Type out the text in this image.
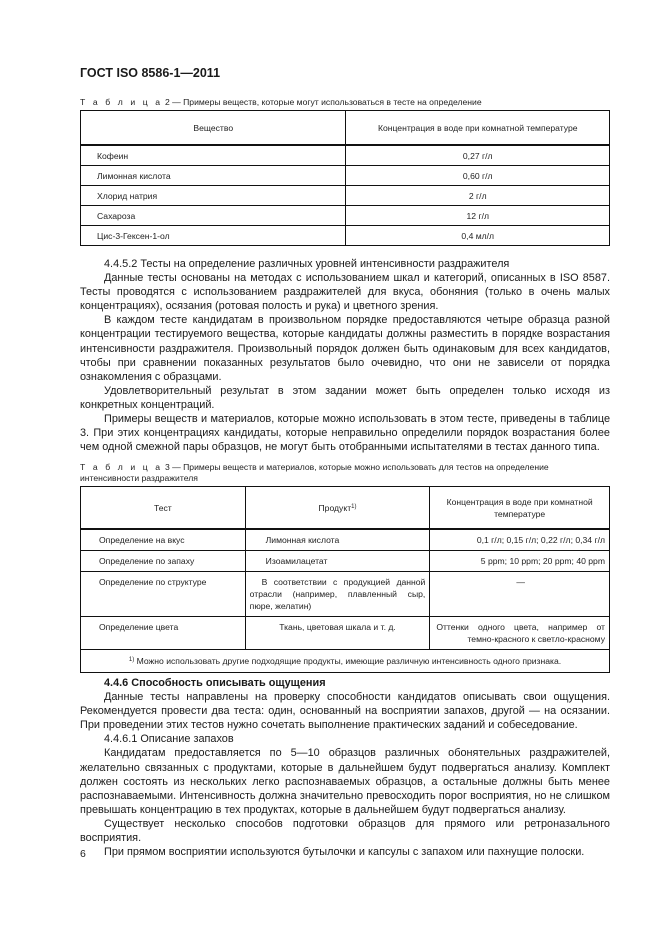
ГОСТ ISO 8586-1—2011
Т а б л и ц а 2 — Примеры веществ, которые могут использоваться в тесте на определение
Вещество	Концентрация в воде при комнатной температуре
Кофеин	0,27 г/л
Лимонная кислота	0,60 г/л
Хлорид натрия	2 г/л
Сахароза	12 г/л
Цис-3-Гексен-1-ол	0,4 мл/л

4.4.5.2 Тесты на определение различных уровней интенсивности раздражителя

Данные тесты основаны на методах с использованием шкал и категорий, описанных в ISO 8587. Тесты проводятся с использованием раздражителей для вкуса, обоняния (только в очень малых концентрациях), осязания (ротовая полость и рука) и цветного зрения.

В каждом тесте кандидатам в произвольном порядке предоставляются четыре образца разной концентрации тестируемого вещества, которые кандидаты должны разместить в порядке возрастания интенсивности раздражителя. Произвольный порядок должен быть одинаковым для всех кандидатов, чтобы при сравнении показанных результатов было очевидно, что они не зависели от порядка ознакомления с образцами.

Удовлетворительный результат в этом задании может быть определен только исходя из конкретных концентраций.

Примеры веществ и материалов, которые можно использовать в этом тесте, приведены в таблице 3. При этих концентрациях кандидаты, которые неправильно определили порядок возрастания более чем одной смежной пары образцов, не могут быть отобранными испытателями в тестах данного типа.

Т а б л и ц а 3 — Примеры веществ и материалов, которые можно использовать для тестов на определение интенсивности раздражителя
Тест	Продукт$^{1)}$	Концентрация в воде при комнатной температуре
Определение на вкус	Лимонная кислота	0,1 г/л; 0,15 г/л; 0,22 г/л; 0,34 г/л
Определение по запаху	Изоамилацетат	5 ppm; 10 ppm; 20 ppm; 40 ppm
Определение по структуре	В соответствии с продукцией данной отрасли (например, плавленный сыр, пюре, желатин)	—
Определение цвета	Ткань, цветовая шкала и т. д.	Оттенки одного цвета, например от темно-красного к светло-красному
$^{1)}$ Можно использовать другие подходящие продукты, имеющие различную интенсивность одного признака.		

4.4.6 Способность описывать ощущения

Данные тесты направлены на проверку способности кандидатов описывать свои ощущения. Рекомендуется провести два теста: один, основанный на восприятии запахов, другой — на осязании. При проведении этих тестов нужно сочетать выполнение практических заданий и собеседование.

4.4.6.1 Описание запахов

Кандидатам предоставляется по 5—10 образцов различных обонятельных раздражителей, желательно связанных с продуктами, которые в дальнейшем будут подвергаться анализу. Комплект должен состоять из нескольких легко распознаваемых образцов, а остальные должны быть менее распознаваемыми. Интенсивность должна значительно превосходить порог восприятия, но не слишком превышать концентрацию в тех продуктах, которые в дальнейшем будут подвергаться анализу.

Существует несколько способов подготовки образцов для прямого или ретроназального восприятия.

При прямом восприятии используются бутылочки и капсулы с запахом или пахнущие полоски.

6
